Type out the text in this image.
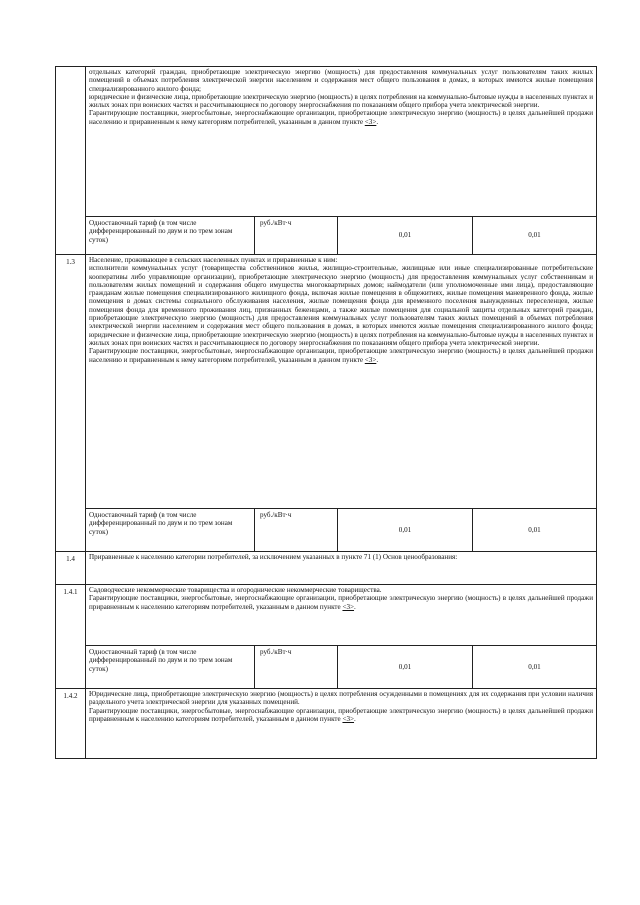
	отдельных категорий граждан, приобретающие электрическую энергию (мощность) для предоставления коммунальных услуг пользователям таких жилых помещений в объемах потребления электрической энергии населением и содержания мест общего пользования в домах, в которых имеются жилые помещения специализированного жилого фонда;

юридические и физические лица, приобретающие электрическую энергию (мощность) в целях потребления на коммунально-бытовые нужды в населенных пунктах и жилых зонах при воинских частях и рассчитывающиеся по договору энергоснабжения по показаниям общего прибора учета электрической энергии.

Гарантирующие поставщики, энергосбытовые, энергоснабжающие организации, приобретающие электрическую энергию (мощность) в целях дальнейшей продажи населению и приравненным к нему категориям потребителей, указанным в данном пункте <3>.			

	Одноставочный тариф (в том числе дифференцированный по двум и по трем зонам суток)	руб./кВт·ч	0,01	0,01
1.3	Население, проживающее в сельских населенных пунктах и приравненные к ним:

исполнители коммунальных услуг (товарищества собственников жилья, жилищно-строительные, жилищные или иные специализированные потребительские кооперативы либо управляющие организации), приобретающие электрическую энергию (мощность) для предоставления коммунальных услуг собственникам и пользователям жилых помещений и содержания общего имущества многоквартирных домов; наймодатели (или уполномоченные ими лица), предоставляющие гражданам жилые помещения специализированного жилищного фонда, включая жилые помещения в общежитиях, жилые помещения маневренного фонда, жилые помещения в домах системы социального обслуживания населения, жилые помещения фонда для временного поселения вынужденных переселенцев, жилые помещения фонда для временного проживания лиц, признанных беженцами, а также жилые помещения для социальной защиты отдельных категорий граждан, приобретающие электрическую энергию (мощность) для предоставления коммунальных услуг пользователям таких жилых помещений в объемах потребления электрической энергии населением и содержания мест общего пользования в домах, в которых имеются жилые помещения специализированного жилого фонда; юридические и физические лица, приобретающие электрическую энергию (мощность) в целях потребления на коммунально-бытовые нужды в населенных пунктах и жилых зонах при воинских частях и рассчитывающиеся по договору энергоснабжения по показаниям общего прибора учета электрической энергии.

Гарантирующие поставщики, энергосбытовые, энергоснабжающие организации, приобретающие электрическую энергию (мощность) в целях дальнейшей продажи населению и приравненным к нему категориям потребителей, указанным в данном пункте <3>.			

	Одноставочный тариф (в том числе дифференцированный по двум и по трем зонам суток)	руб./кВт·ч	0,01	0,01
1.4	Приравненные к населению категории потребителей, за исключением указанных в пункте 71 (1) Основ ценообразования:			

1.4.1	Садоводческие некоммерческие товарищества и огороднические некоммерческие товарищества.

Гарантирующие поставщики, энергосбытовые, энергоснабжающие организации, приобретающие электрическую энергию (мощность) в целях дальнейшей продажи приравненным к населению категориям потребителей, указанным в данном пункте <3>.			

	Одноставочный тариф (в том числе дифференцированный по двум и по трем зонам суток)	руб./кВт·ч	0,01	0,01
1.4.2	Юридические лица, приобретающие электрическую энергию (мощность) в целях потребления осужденными в помещениях для их содержания при условии наличия раздельного учета электрической энергии для указанных помещений.

Гарантирующие поставщики, энергосбытовые, энергоснабжающие организации, приобретающие электрическую энергию (мощность) в целях дальнейшей продажи приравненным к населению категориям потребителей, указанным в данном пункте <3>.			
